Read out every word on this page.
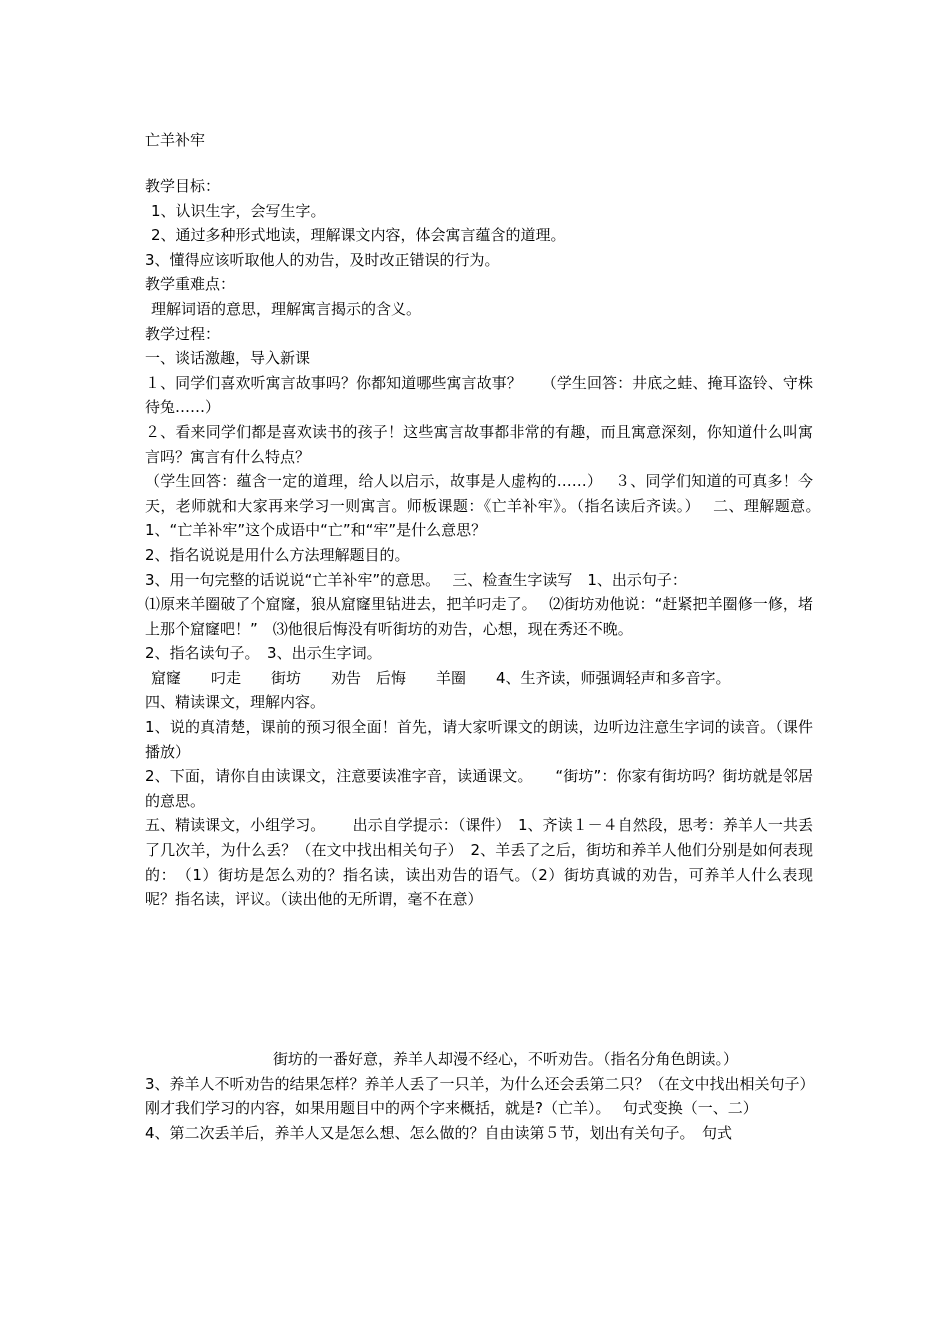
亡羊补牢

教学目标：

1、认识生字，会写生字。

2、通过多种形式地读，理解课文内容，体会寓言蕴含的道理。

3、懂得应该听取他人的劝告，及时改正错误的行为。

教学重难点：

理解词语的意思，理解寓言揭示的含义。

教学过程：

一、谈话激趣，导入新课

１、同学们喜欢听寓言故事吗？你都知道哪些寓言故事？　 （学生回答：井底之蛙、掩耳盗铃、守株待兔……）

２、看来同学们都是喜欢读书的孩子！这些寓言故事都非常的有趣，而且寓意深刻，你知道什么叫寓言吗？寓言有什么特点？

（学生回答：蕴含一定的道理，给人以启示，故事是人虚构的……）　 ３、同学们知道的可真多！今天，老师就和大家再来学习一则寓言。师板课题：《亡羊补牢》。（指名读后齐读。）　 二、理解题意。　1、“亡羊补牢”这个成语中“亡”和“牢”是什么意思？

2、指名说说是用什么方法理解题目的。

3、用一句完整的话说说“亡羊补牢”的意思。　 三、检查生字读写　1、出示句子：

⑴原来羊圈破了个窟窿，狼从窟窿里钻进去，把羊叼走了。　 ⑵街坊劝他说：“赶紧把羊圈修一修，堵上那个窟窿吧！”　⑶他很后悔没有听街坊的劝告，心想，现在秀还不晚。

2、指名读句子。　3、出示生字词。

窟窿　　叼走　　街坊　　劝告　后悔　　羊圈　　4、生齐读，师强调轻声和多音字。

四、精读课文，理解内容。

1、说的真清楚，课前的预习很全面！首先，请大家听课文的朗读，边听边注意生字词的读音。（课件播放）

2、下面，请你自由读课文，注意要读准字音，读通课文。　　“街坊”：你家有街坊吗？街坊就是邻居的意思。

五、精读课文，小组学习。　　 出示自学提示：（课件）　1、齐读１－４自然段，思考：养羊人一共丢了几次羊，为什么丢？（在文中找出相关句子）　2、羊丢了之后，街坊和养羊人他们分别是如何表现的：　（1）街坊是怎么劝的？指名读，读出劝告的语气。（2）街坊真诚的劝告，可养羊人什么表现呢？指名读，评议。（读出他的无所谓，毫不在意）

街坊的一番好意，养羊人却漫不经心，不听劝告。（指名分角色朗读。）

3、养羊人不听劝告的结果怎样？养羊人丢了一只羊，为什么还会丢第二只？（在文中找出相关句子）

刚才我们学习的内容，如果用题目中的两个字来概括，就是?（亡羊）。　 句式变换（一、二）

4、第二次丢羊后，养羊人又是怎么想、怎么做的？自由读第５节，划出有关句子。　句式
